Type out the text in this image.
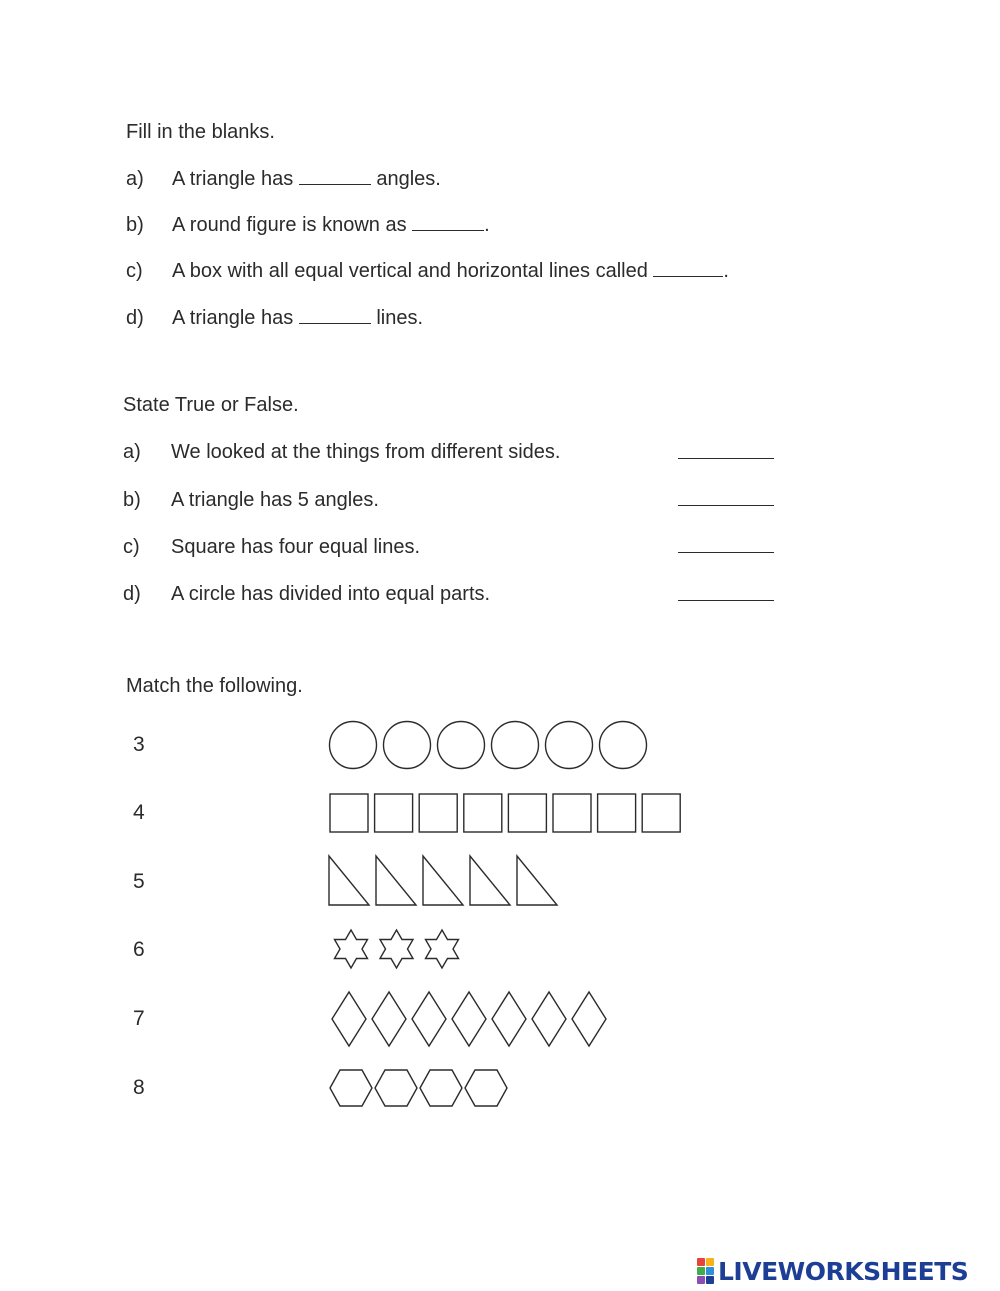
Fill in the blanks.
a) A triangle has	angles.
b) A round figure is known as	.
c) A box with all equal vertical and horizontal lines called	.
d) A triangle has	lines.
State True or False.
a) We looked at the things from different sides.
b) A triangle has 5 angles.
c) Square has four equal lines.
d) A circle has divided into equal parts.
Match the following.
3
4
5
6
7
8
LIVEWORKSHEETS
